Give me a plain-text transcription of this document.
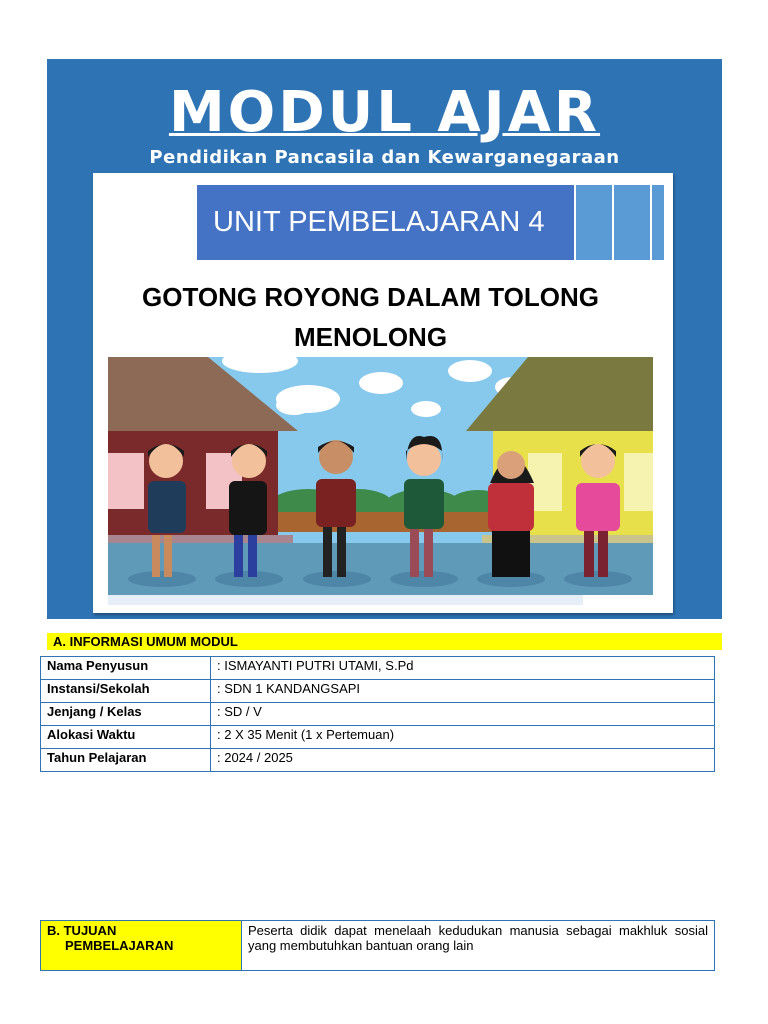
MODUL AJAR
Pendidikan Pancasila dan Kewarganegaraan
UNIT PEMBELAJARAN 4
GOTONG ROYONG DALAM TOLONG
MENOLONG
A. INFORMASI UMUM MODUL
Nama Penyusun	: ISMAYANTI PUTRI UTAMI, S.Pd
Instansi/Sekolah	: SDN 1 KANDANGSAPI
Jenjang / Kelas	: SD / V
Alokasi Waktu	: 2 X 35 Menit (1 x Pertemuan)
Tahun Pelajaran	: 2024 / 2025
B. TUJUAN
PEMBELAJARAN
	Peserta didik dapat menelaah kedudukan manusia sebagai makhluk sosial yang membutuhkan bantuan orang lain
